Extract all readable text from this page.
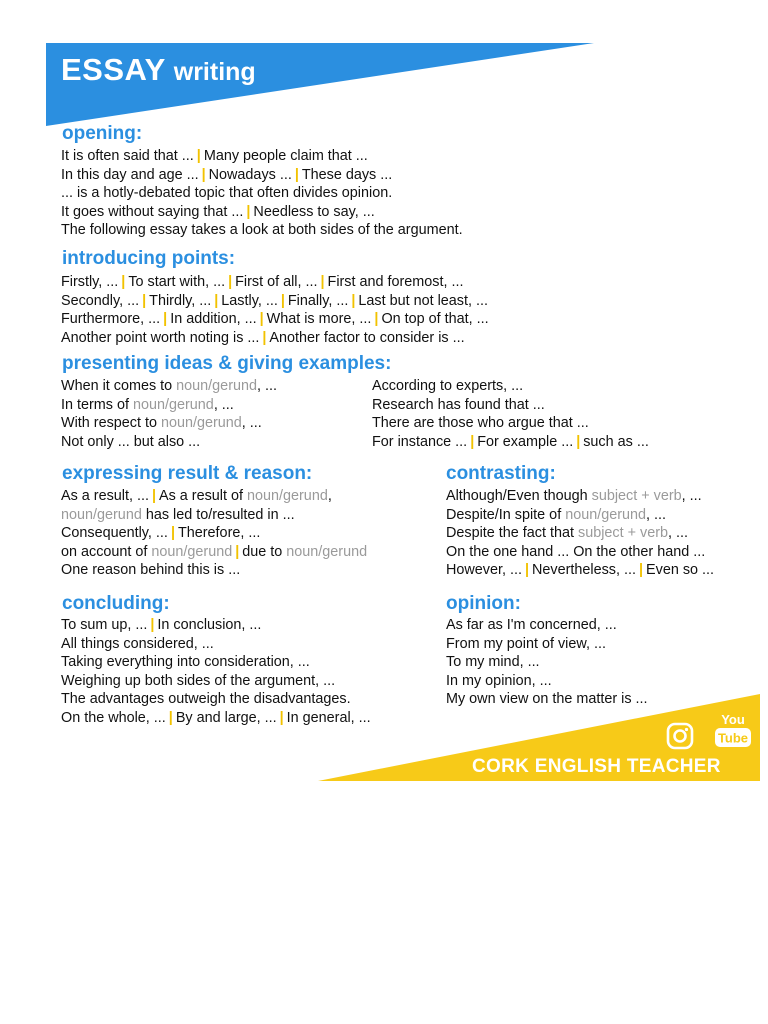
ESSAY writing
opening:
It is often said that ... | Many people claim that ...
In this day and age ... | Nowadays ... | These days ...
... is a hotly-debated topic that often divides opinion.
It goes without saying that ... | Needless to say, ...
The following essay takes a look at both sides of the argument.
introducing points:
Firstly, ... | To start with, ... | First of all, ... | First and foremost, ...
Secondly, ... | Thirdly, ... | Lastly, ... | Finally, ... | Last but not least, ...
Furthermore, ... | In addition, ... | What is more, ... | On top of that, ...
Another point worth noting is ... | Another factor to consider is ...
presenting ideas & giving examples:
When it comes to noun/gerund, ...
In terms of noun/gerund, ...
With respect to noun/gerund, ...
Not only ... but also ...
According to experts, ...
Research has found that ...
There are those who argue that ...
For instance ... | For example ... | such as ...
expressing result & reason:
As a result, ... | As a result of noun/gerund,
noun/gerund has led to/resulted in ...
Consequently, ... | Therefore, ...
on account of noun/gerund | due to noun/gerund
One reason behind this is ...
contrasting:
Although/Even though subject + verb, ...
Despite/In spite of noun/gerund, ...
Despite the fact that subject + verb, ...
On the one hand ... On the other hand ...
However, ... | Nevertheless, ... | Even so ...
concluding:
To sum up, ... | In conclusion, ...
All things considered, ...
Taking everything into consideration, ...
Weighing up both sides of the argument, ...
The advantages outweigh the disadvantages.
On the whole, ... | By and large, ... | In general, ...
opinion:
As far as I'm concerned, ...
From my point of view, ...
To my mind, ...
In my opinion, ...
My own view on the matter is ...
You
Tube
CORK ENGLISH TEACHER
